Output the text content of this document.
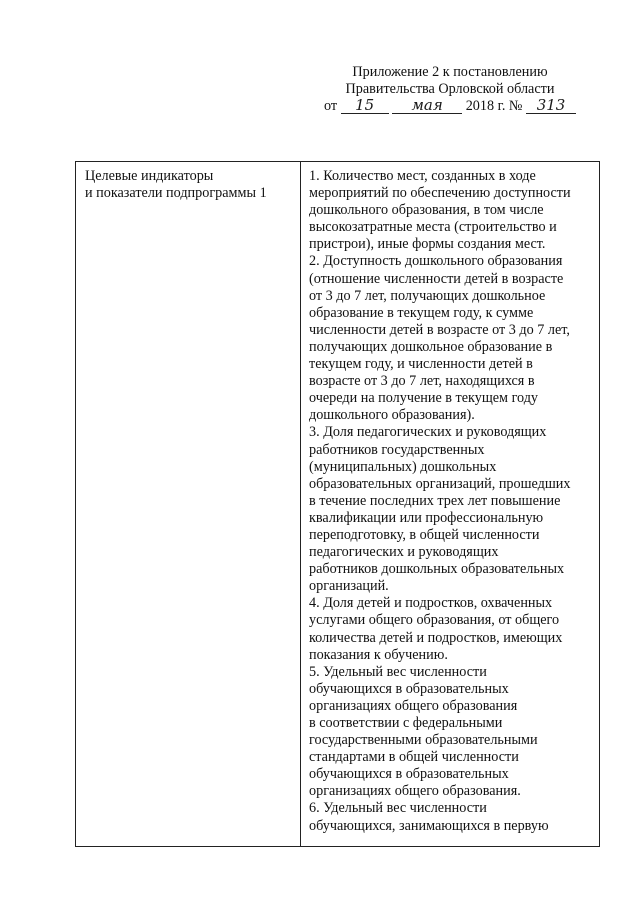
Приложение 2 к постановлению
Правительства Орловской области
от 15 мая 2018 г. № 313

Целевые индикаторы
и показатели подпрограммы 1

1. Количество мест, созданных в ходе
мероприятий по обеспечению доступности
дошкольного образования, в том числе
высокозатратные места (строительство и
пристрои), иные формы создания мест.

2. Доступность дошкольного образования
(отношение численности детей в возрасте
от 3 до 7 лет, получающих дошкольное
образование в текущем году, к сумме
численности детей в возрасте от 3 до 7 лет,
получающих дошкольное образование в
текущем году, и численности детей в
возрасте от 3 до 7 лет, находящихся в
очереди на получение в текущем году
дошкольного образования).

3. Доля педагогических и руководящих
работников государственных
(муниципальных) дошкольных
образовательных организаций, прошедших
в течение последних трех лет повышение
квалификации или профессиональную
переподготовку, в общей численности
педагогических и руководящих
работников дошкольных образовательных
организаций.

4. Доля детей и подростков, охваченных
услугами общего образования, от общего
количества детей и подростков, имеющих
показания к обучению.

5. Удельный вес численности
обучающихся в образовательных
организациях общего образования
в соответствии с федеральными
государственными образовательными
стандартами в общей численности
обучающихся в образовательных
организациях общего образования.

6. Удельный вес численности
обучающихся, занимающихся в первую
